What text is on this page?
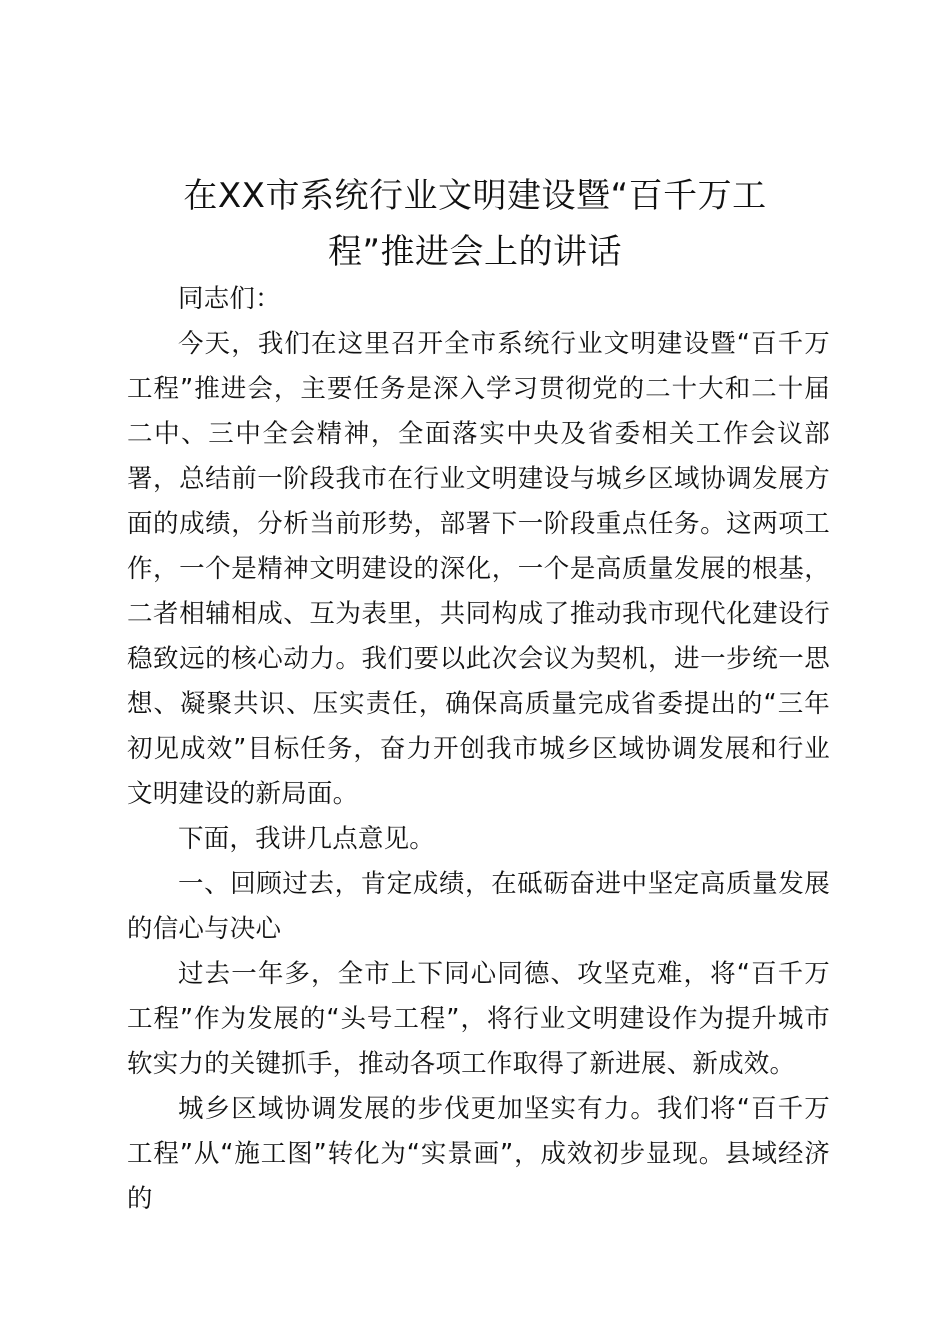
在XX市系统行业文明建设暨“百千万工
程”推进会上的讲话

同志们：

今天，我们在这里召开全市系统行业文明建设暨“百千万工程”推进会，主要任务是深入学习贯彻党的二十大和二十届二中、三中全会精神，全面落实中央及省委相关工作会议部署，总结前一阶段我市在行业文明建设与城乡区域协调发展方面的成绩，分析当前形势，部署下一阶段重点任务。这两项工作，一个是精神文明建设的深化，一个是高质量发展的根基，二者相辅相成、互为表里，共同构成了推动我市现代化建设行稳致远的核心动力。我们要以此次会议为契机，进一步统一思想、凝聚共识、压实责任，确保高质量完成省委提出的“三年初见成效”目标任务，奋力开创我市城乡区域协调发展和行业文明建设的新局面。

下面，我讲几点意见。

一、回顾过去，肯定成绩，在砥砺奋进中坚定高质量发展的信心与决心

过去一年多，全市上下同心同德、攻坚克难，将“百千万工程”作为发展的“头号工程”，将行业文明建设作为提升城市软实力的关键抓手，推动各项工作取得了新进展、新成效。

城乡区域协调发展的步伐更加坚实有力。我们将“百千万工程”从“施工图”转化为“实景画”，成效初步显现。县域经济的
